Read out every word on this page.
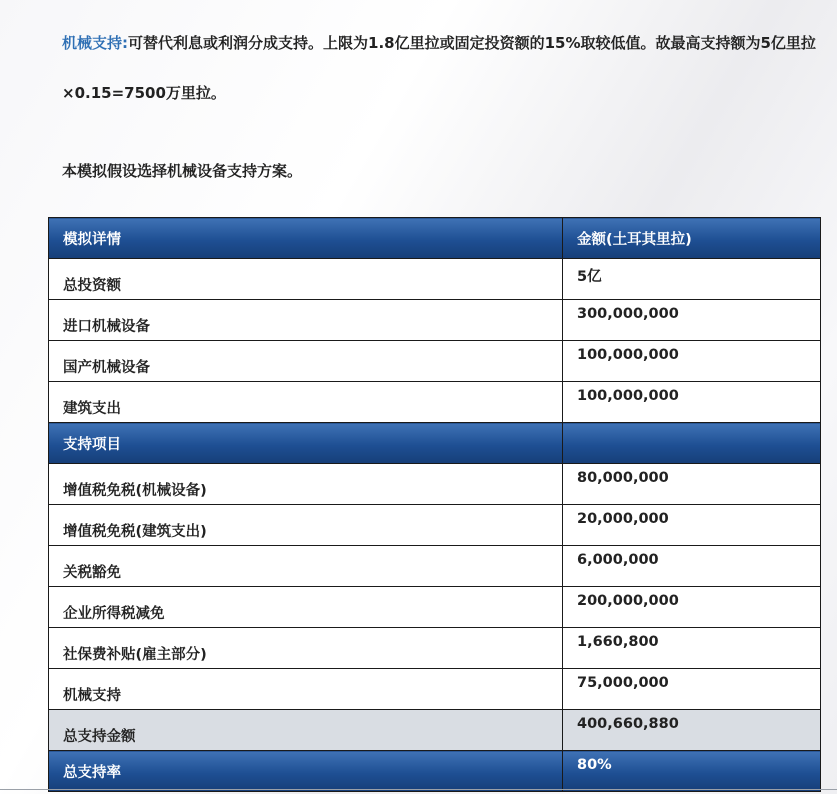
机械支持:可替代利息或利润分成支持。上限为1.8亿里拉或固定投资额的15%取较低值。故最高支持额为5亿里拉×0.15=7500万里拉。

本模拟假设选择机械设备支持方案。

模拟详情	金额(土耳其里拉)
总投资额	5亿
进口机械设备	300,000,000
国产机械设备	100,000,000
建筑支出	100,000,000
支持项目	
增值税免税(机械设备)	80,000,000
增值税免税(建筑支出)	20,000,000
关税豁免	6,000,000
企业所得税减免	200,000,000
社保费补贴(雇主部分)	1,660,800
机械支持	75,000,000
总支持金额	400,660,880
总支持率	80%
